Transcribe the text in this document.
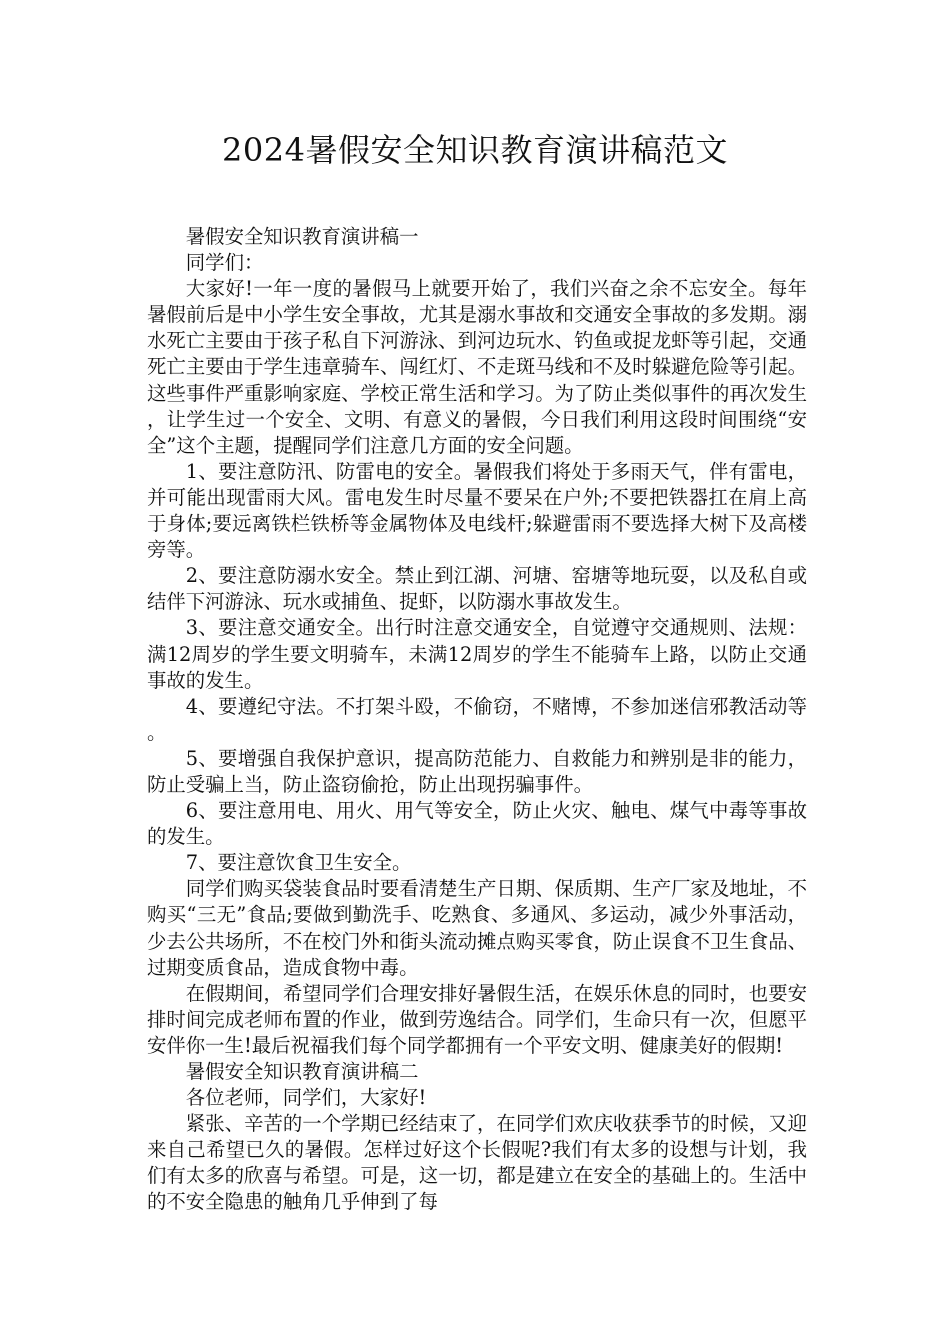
2024暑假安全知识教育演讲稿范文

暑假安全知识教育演讲稿一

同学们：

大家好!一年一度的暑假马上就要开始了，我们兴奋之余不忘安全。每年暑假前后是中小学生安全事故，尤其是溺水事故和交通安全事故的多发期。溺水死亡主要由于孩子私自下河游泳、到河边玩水、钓鱼或捉龙虾等引起，交通死亡主要由于学生违章骑车、闯红灯、不走斑马线和不及时躲避危险等引起。这些事件严重影响家庭、学校正常生活和学习。为了防止类似事件的再次发生，让学生过一个安全、文明、有意义的暑假，今日我们利用这段时间围绕“安全”这个主题，提醒同学们注意几方面的安全问题。

1、要注意防汛、防雷电的安全。暑假我们将处于多雨天气，伴有雷电，并可能出现雷雨大风。雷电发生时尽量不要呆在户外;不要把铁器扛在肩上高于身体;要远离铁栏铁桥等金属物体及电线杆;躲避雷雨不要选择大树下及高楼旁等。

2、要注意防溺水安全。禁止到江湖、河塘、窑塘等地玩耍，以及私自或结伴下河游泳、玩水或捕鱼、捉虾，以防溺水事故发生。

3、要注意交通安全。出行时注意交通安全，自觉遵守交通规则、法规：满12周岁的学生要文明骑车，未满12周岁的学生不能骑车上路，以防止交通事故的发生。

4、要遵纪守法。不打架斗殴，不偷窃，不赌博，不参加迷信邪教活动等。

5、要增强自我保护意识，提高防范能力、自救能力和辨别是非的能力，防止受骗上当，防止盗窃偷抢，防止出现拐骗事件。

6、要注意用电、用火、用气等安全，防止火灾、触电、煤气中毒等事故的发生。

7、要注意饮食卫生安全。

同学们购买袋装食品时要看清楚生产日期、保质期、生产厂家及地址，不购买“三无”食品;要做到勤洗手、吃熟食、多通风、多运动，减少外事活动，少去公共场所，不在校门外和街头流动摊点购买零食，防止误食不卫生食品、过期变质食品，造成食物中毒。

在假期间，希望同学们合理安排好暑假生活，在娱乐休息的同时，也要安排时间完成老师布置的作业，做到劳逸结合。同学们，生命只有一次，但愿平安伴你一生!最后祝福我们每个同学都拥有一个平安文明、健康美好的假期!

暑假安全知识教育演讲稿二

各位老师，同学们，大家好!

紧张、辛苦的一个学期已经结束了，在同学们欢庆收获季节的时候，又迎来自己希望已久的暑假。怎样过好这个长假呢?我们有太多的设想与计划，我们有太多的欣喜与希望。可是，这一切，都是建立在安全的基础上的。生活中的不安全隐患的触角几乎伸到了每
